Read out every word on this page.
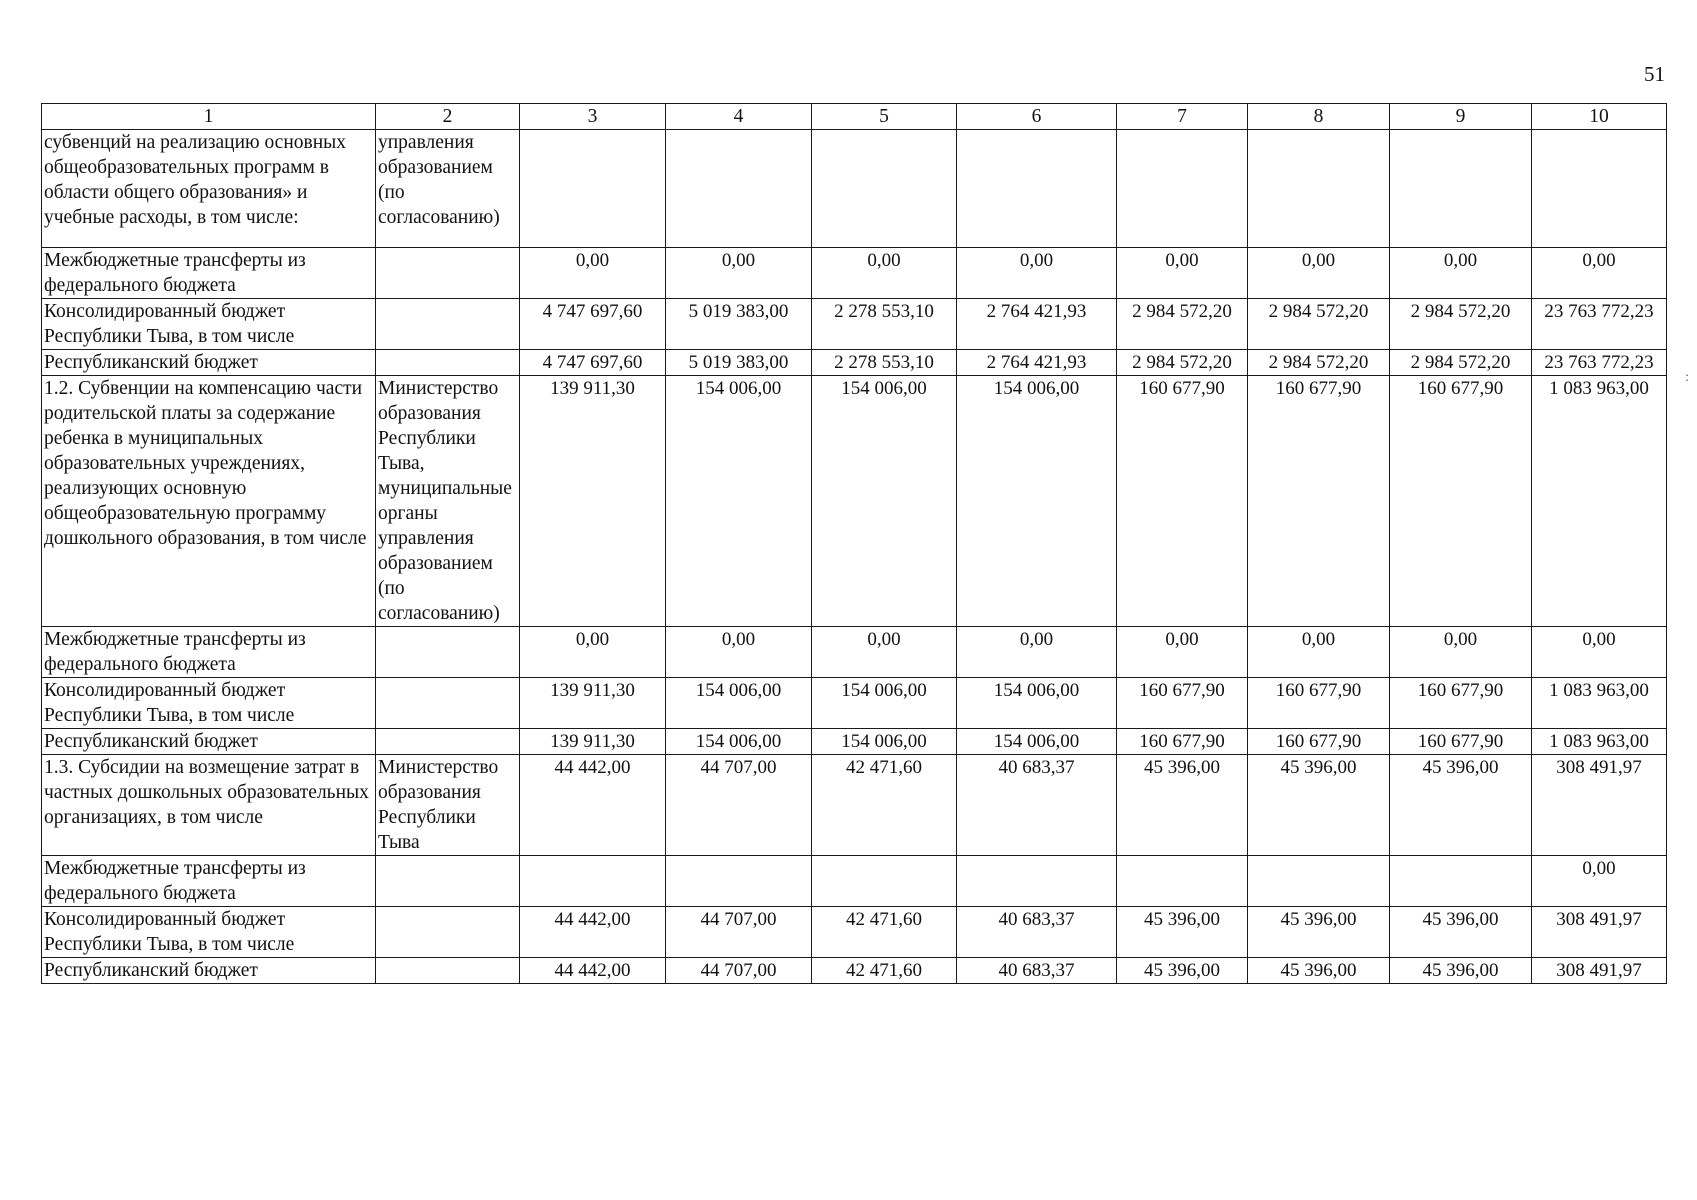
51
:
1	2	3	4	5	6	7	8	9	10
субвенций на реализацию основных общеобразовательных программ в области общего образования» и учебные расходы, в том числе:	управления образованием (по согласованию)								
Межбюджетные трансферты из федерального бюджета		0,00	0,00	0,00	0,00	0,00	0,00	0,00	0,00
Консолидированный бюджет Республики Тыва, в том числе		4 747 697,60	5 019 383,00	2 278 553,10	2 764 421,93	2 984 572,20	2 984 572,20	2 984 572,20	23 763 772,23
Республиканский бюджет		4 747 697,60	5 019 383,00	2 278 553,10	2 764 421,93	2 984 572,20	2 984 572,20	2 984 572,20	23 763 772,23
1.2. Субвенции на компенсацию части родительской платы за содержание ребенка в муниципальных образовательных учреждениях, реализующих основную общеобразовательную программу дошкольного образования, в том числе	Министерство образования Республики Тыва, муниципальные органы управления образованием (по согласованию)	139 911,30	154 006,00	154 006,00	154 006,00	160 677,90	160 677,90	160 677,90	1 083 963,00
Межбюджетные трансферты из федерального бюджета		0,00	0,00	0,00	0,00	0,00	0,00	0,00	0,00
Консолидированный бюджет Республики Тыва, в том числе		139 911,30	154 006,00	154 006,00	154 006,00	160 677,90	160 677,90	160 677,90	1 083 963,00
Республиканский бюджет		139 911,30	154 006,00	154 006,00	154 006,00	160 677,90	160 677,90	160 677,90	1 083 963,00
1.3. Субсидии на возмещение затрат в частных дошкольных образовательных организациях, в том числе	Министерство образования Республики Тыва	44 442,00	44 707,00	42 471,60	40 683,37	45 396,00	45 396,00	45 396,00	308 491,97
Межбюджетные трансферты из федерального бюджета									0,00
Консолидированный бюджет Республики Тыва, в том числе		44 442,00	44 707,00	42 471,60	40 683,37	45 396,00	45 396,00	45 396,00	308 491,97
Республиканский бюджет		44 442,00	44 707,00	42 471,60	40 683,37	45 396,00	45 396,00	45 396,00	308 491,97
